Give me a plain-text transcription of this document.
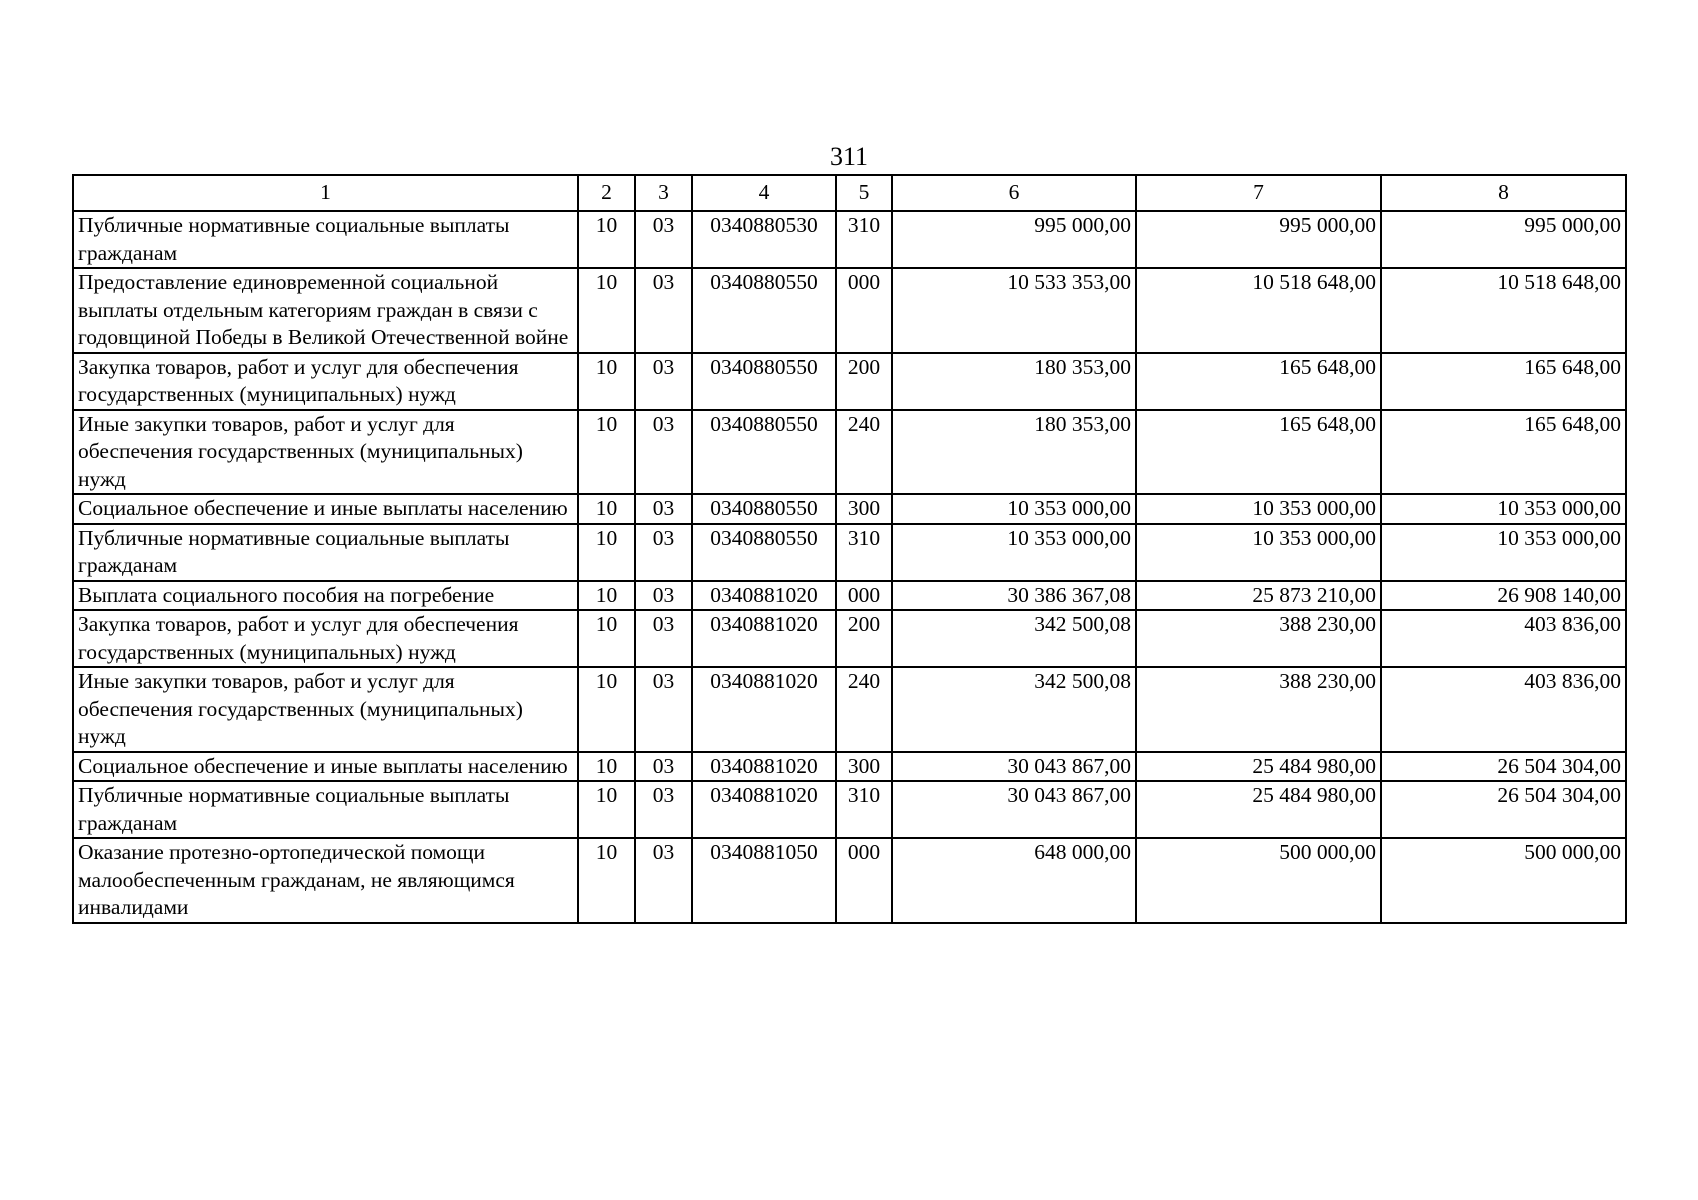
311
1	2	3	4	5	6	7	8
Публичные нормативные социальные выплаты гражданам	10	03	0340880530	310	995 000,00	995 000,00	995 000,00
Предоставление единовременной социальной выплаты отдельным категориям граждан в связи с годовщиной Победы в Великой Отечественной войне	10	03	0340880550	000	10 533 353,00	10 518 648,00	10 518 648,00
Закупка товаров, работ и услуг для обеспечения государственных (муниципальных) нужд	10	03	0340880550	200	180 353,00	165 648,00	165 648,00
Иные закупки товаров, работ и услуг для обеспечения государственных (муниципальных) нужд	10	03	0340880550	240	180 353,00	165 648,00	165 648,00
Социальное обеспечение и иные выплаты населению	10	03	0340880550	300	10 353 000,00	10 353 000,00	10 353 000,00
Публичные нормативные социальные выплаты гражданам	10	03	0340880550	310	10 353 000,00	10 353 000,00	10 353 000,00
Выплата социального пособия на погребение	10	03	0340881020	000	30 386 367,08	25 873 210,00	26 908 140,00
Закупка товаров, работ и услуг для обеспечения государственных (муниципальных) нужд	10	03	0340881020	200	342 500,08	388 230,00	403 836,00
Иные закупки товаров, работ и услуг для обеспечения государственных (муниципальных) нужд	10	03	0340881020	240	342 500,08	388 230,00	403 836,00
Социальное обеспечение и иные выплаты населению	10	03	0340881020	300	30 043 867,00	25 484 980,00	26 504 304,00
Публичные нормативные социальные выплаты гражданам	10	03	0340881020	310	30 043 867,00	25 484 980,00	26 504 304,00
Оказание протезно-ортопедической помощи малообеспеченным гражданам, не являющимся инвалидами	10	03	0340881050	000	648 000,00	500 000,00	500 000,00
